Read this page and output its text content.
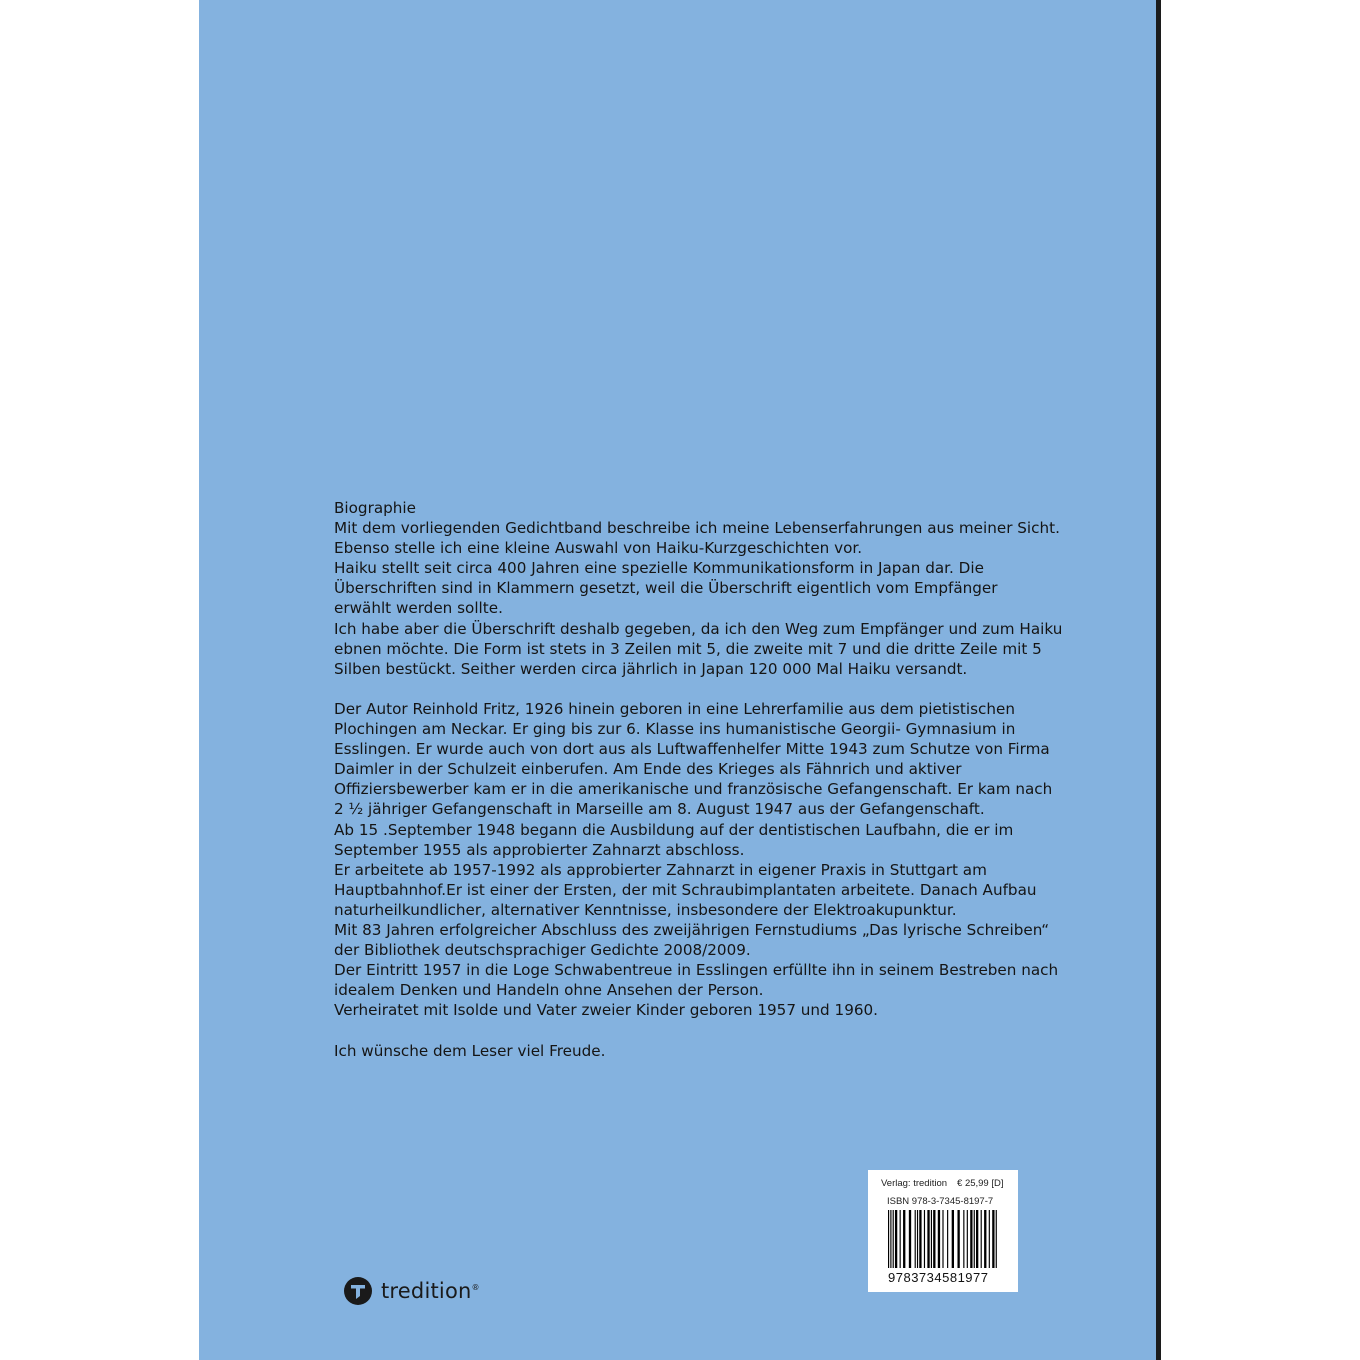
Biographie

Mit dem vorliegenden Gedichtband beschreibe ich meine Lebenserfahrungen aus meiner Sicht.

Ebenso stelle ich eine kleine Auswahl von Haiku-Kurzgeschichten vor.

Haiku stellt seit circa 400 Jahren eine spezielle Kommunikationsform in Japan dar. Die

Überschriften sind in Klammern gesetzt, weil die Überschrift eigentlich vom Empfänger

erwählt werden sollte.

Ich habe aber die Überschrift deshalb gegeben, da ich den Weg zum Empfänger und zum Haiku

ebnen möchte. Die Form ist stets in 3 Zeilen mit 5, die zweite mit 7 und die dritte Zeile mit 5

Silben bestückt. Seither werden circa jährlich in Japan 120 000 Mal Haiku versandt.

Der Autor Reinhold Fritz, 1926 hinein geboren in eine Lehrerfamilie aus dem pietistischen

Plochingen am Neckar. Er ging bis zur 6. Klasse ins humanistische Georgii- Gymnasium in

Esslingen. Er wurde auch von dort aus als Luftwaffenhelfer Mitte 1943 zum Schutze von Firma

Daimler in der Schulzeit einberufen. Am Ende des Krieges als Fähnrich und aktiver

Offiziersbewerber kam er in die amerikanische und französische Gefangenschaft. Er kam nach

2 ½ jähriger Gefangenschaft in Marseille am 8. August 1947 aus der Gefangenschaft.

Ab 15 .September 1948 begann die Ausbildung auf der dentistischen Laufbahn, die er im

September 1955 als approbierter Zahnarzt abschloss.

Er arbeitete ab 1957-1992 als approbierter Zahnarzt in eigener Praxis in Stuttgart am

Hauptbahnhof.Er ist einer der Ersten, der mit Schraubimplantaten arbeitete. Danach Aufbau

naturheilkundlicher, alternativer Kenntnisse, insbesondere der Elektroakupunktur.

Mit 83 Jahren erfolgreicher Abschluss des zweijährigen Fernstudiums „Das lyrische Schreiben“

der Bibliothek deutschsprachiger Gedichte 2008/2009.

Der Eintritt 1957 in die Loge Schwabentreue in Esslingen erfüllte ihn in seinem Bestreben nach

idealem Denken und Handeln ohne Ansehen der Person.

Verheiratet mit Isolde und Vater zweier Kinder geboren 1957 und 1960.

Ich wünsche dem Leser viel Freude.

Verlag: tredition € 25,99 [D]
ISBN 978-3-7345-8197-7
9783734581977
tredition®
